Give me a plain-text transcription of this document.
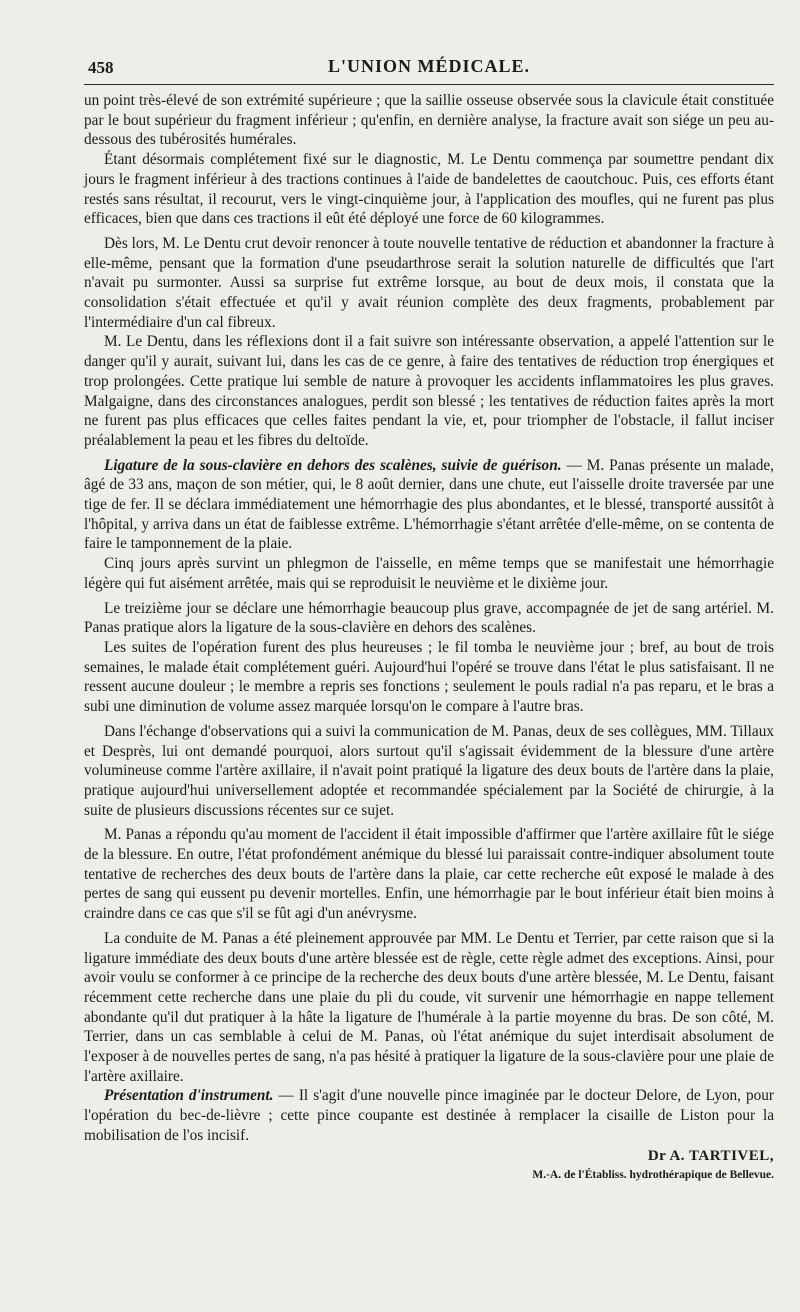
458	L'UNION MÉDICALE.

un point très-élevé de son extrémité supérieure ; que la saillie osseuse observée sous la clavicule était constituée par le bout supérieur du fragment inférieur ; qu'enfin, en dernière analyse, la fracture avait son siége un peu au-dessous des tubérosités humérales.

Étant désormais complétement fixé sur le diagnostic, M. Le Dentu commença par soumettre pendant dix jours le fragment inférieur à des tractions continues à l'aide de bandelettes de caoutchouc. Puis, ces efforts étant restés sans résultat, il recourut, vers le vingt-cinquième jour, à l'application des moufles, qui ne furent pas plus efficaces, bien que dans ces tractions il eût été déployé une force de 60 kilogrammes.

Dès lors, M. Le Dentu crut devoir renoncer à toute nouvelle tentative de réduction et abandonner la fracture à elle-même, pensant que la formation d'une pseudarthrose serait la solution naturelle de difficultés que l'art n'avait pu surmonter. Aussi sa surprise fut extrême lorsque, au bout de deux mois, il constata que la consolidation s'était effectuée et qu'il y avait réunion complète des deux fragments, probablement par l'intermédiaire d'un cal fibreux.

M. Le Dentu, dans les réflexions dont il a fait suivre son intéressante observation, a appelé l'attention sur le danger qu'il y aurait, suivant lui, dans les cas de ce genre, à faire des tentatives de réduction trop énergiques et trop prolongées. Cette pratique lui semble de nature à provoquer les accidents inflammatoires les plus graves. Malgaigne, dans des circonstances analogues, perdit son blessé ; les tentatives de réduction faites après la mort ne furent pas plus efficaces que celles faites pendant la vie, et, pour triompher de l'obstacle, il fallut inciser préalablement la peau et les fibres du deltoïde.

Ligature de la sous-clavière en dehors des scalènes, suivie de guérison. — M. Panas présente un malade, âgé de 33 ans, maçon de son métier, qui, le 8 août dernier, dans une chute, eut l'aisselle droite traversée par une tige de fer. Il se déclara immédiatement une hémorrhagie des plus abondantes, et le blessé, transporté aussitôt à l'hôpital, y arriva dans un état de faiblesse extrême. L'hémorrhagie s'étant arrêtée d'elle-même, on se contenta de faire le tamponnement de la plaie.

Cinq jours après survint un phlegmon de l'aisselle, en même temps que se manifestait une hémorrhagie légère qui fut aisément arrêtée, mais qui se reproduisit le neuvième et le dixième jour.

Le treizième jour se déclare une hémorrhagie beaucoup plus grave, accompagnée de jet de sang artériel. M. Panas pratique alors la ligature de la sous-clavière en dehors des scalènes.

Les suites de l'opération furent des plus heureuses ; le fil tomba le neuvième jour ; bref, au bout de trois semaines, le malade était complétement guéri. Aujourd'hui l'opéré se trouve dans l'état le plus satisfaisant. Il ne ressent aucune douleur ; le membre a repris ses fonctions ; seulement le pouls radial n'a pas reparu, et le bras a subi une diminution de volume assez marquée lorsqu'on le compare à l'autre bras.

Dans l'échange d'observations qui a suivi la communication de M. Panas, deux de ses collègues, MM. Tillaux et Desprès, lui ont demandé pourquoi, alors surtout qu'il s'agissait évidemment de la blessure d'une artère volumineuse comme l'artère axillaire, il n'avait point pratiqué la ligature des deux bouts de l'artère dans la plaie, pratique aujourd'hui universellement adoptée et recommandée spécialement par la Société de chirurgie, à la suite de plusieurs discussions récentes sur ce sujet.

M. Panas a répondu qu'au moment de l'accident il était impossible d'affirmer que l'artère axillaire fût le siége de la blessure. En outre, l'état profondément anémique du blessé lui paraissait contre-indiquer absolument toute tentative de recherches des deux bouts de l'artère dans la plaie, car cette recherche eût exposé le malade à des pertes de sang qui eussent pu devenir mortelles. Enfin, une hémorrhagie par le bout inférieur était bien moins à craindre dans ce cas que s'il se fût agi d'un anévrysme.

La conduite de M. Panas a été pleinement approuvée par MM. Le Dentu et Terrier, par cette raison que si la ligature immédiate des deux bouts d'une artère blessée est de règle, cette règle admet des exceptions. Ainsi, pour avoir voulu se conformer à ce principe de la recherche des deux bouts d'une artère blessée, M. Le Dentu, faisant récemment cette recherche dans une plaie du pli du coude, vit survenir une hémorrhagie en nappe tellement abondante qu'il dut pratiquer à la hâte la ligature de l'humérale à la partie moyenne du bras. De son côté, M. Terrier, dans un cas semblable à celui de M. Panas, où l'état anémique du sujet interdisait absolument de l'exposer à de nouvelles pertes de sang, n'a pas hésité à pratiquer la ligature de la sous-clavière pour une plaie de l'artère axillaire.

Présentation d'instrument. — Il s'agit d'une nouvelle pince imaginée par le docteur Delore, de Lyon, pour l'opération du bec-de-lièvre ; cette pince coupante est destinée à remplacer la cisaille de Liston pour la mobilisation de l'os incisif.

Dr A. TARTIVEL,
M.-A. de l'Établiss. hydrothérapique de Bellevue.
